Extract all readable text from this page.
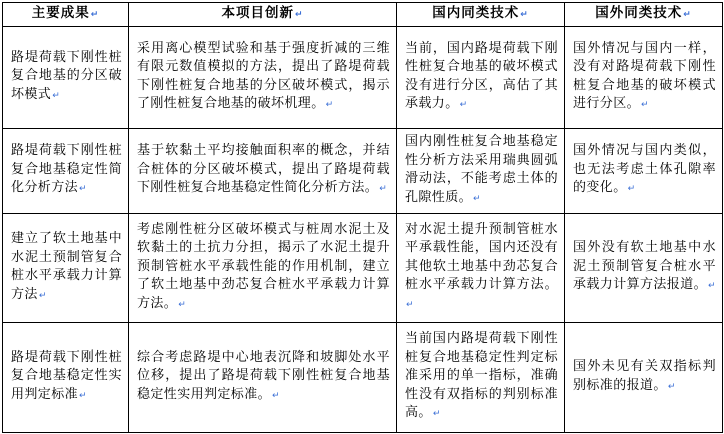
主要成果↵	本项目创新↵	国内同类技术↵	国外同类技术↵
路堤荷载下刚性桩复合地基的分区破坏模式↵	采用离心模型试验和基于强度折减的三维有限元数值模拟的方法，提出了路堤荷载下刚性桩复合地基的分区破坏模式，揭示了刚性桩复合地基的破坏机理。↵	当前，国内路堤荷载下刚性桩复合地基的破坏模式没有进行分区，高估了其承载力。↵	国外情况与国内一样，没有对路堤荷载下刚性桩复合地基的破坏模式进行分区。↵
路堤荷载下刚性桩复合地基稳定性简化分析方法↵	基于软黏土平均接触面积率的概念，并结合桩体的分区破坏模式，提出了路堤荷载下刚性桩复合地基稳定性简化分析方法。↵	国内刚性桩复合地基稳定性分析方法采用瑞典圆弧滑动法，不能考虑土体的孔隙性质。↵	国外情况与国内类似，也无法考虑土体孔隙率的变化。↵
建立了软土地基中水泥土预制管复合桩水平承载力计算方法↵	考虑刚性桩分区破坏模式与桩周水泥土及软黏土的土抗力分担，揭示了水泥土提升预制管桩水平承载性能的作用机制，建立了软土地基中劲芯复合桩水平承载力计算方法。↵	对水泥土提升预制管桩水平承载性能，国内还没有其他软土地基中劲芯复合桩水平承载力计算方法。↵	国外没有软土地基中水泥土预制管复合桩水平承载力计算方法报道。↵
路堤荷载下刚性桩复合地基稳定性实用判定标准↵	综合考虑路堤中心地表沉降和坡脚处水平位移，提出了路堤荷载下刚性桩复合地基稳定性实用判定标准。↵	当前国内路堤荷载下刚性桩复合地基稳定性判定标准采用的单一指标，准确性没有双指标的判别标准高。↵	国外未见有关双指标判别标准的报道。↵
